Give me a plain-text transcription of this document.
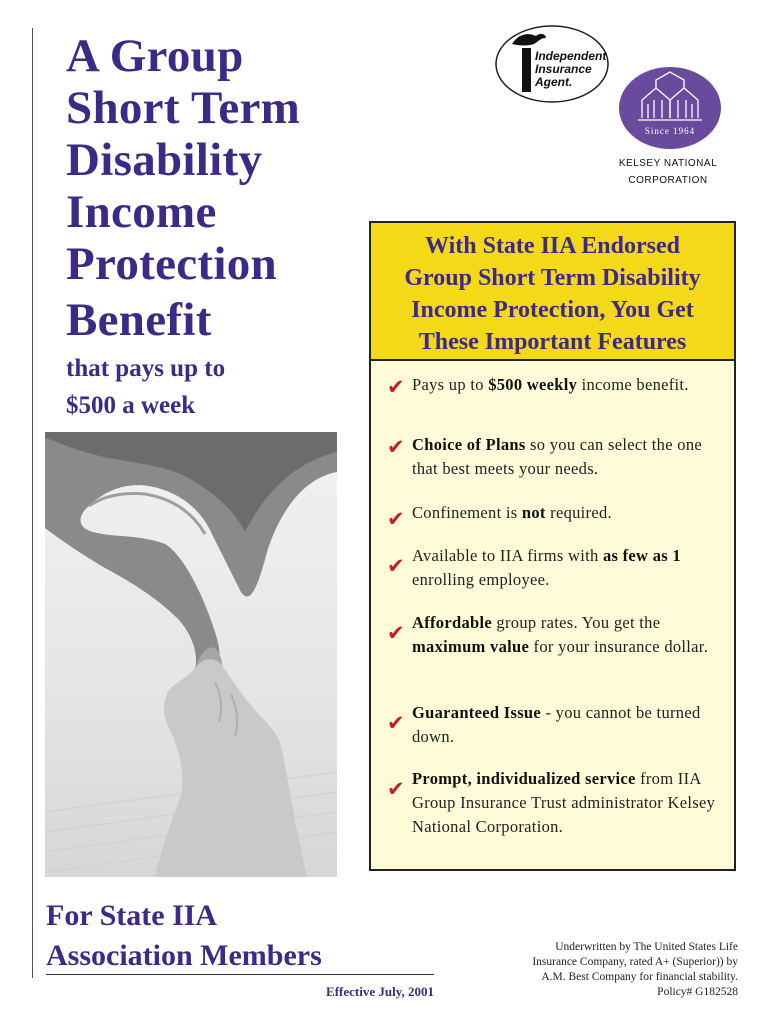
A Group
Short Term
Disability
Income
Protection
Benefit
that pays up to
$500 a week
For State IIA
Association Members
Effective July, 2001
Independent
Insurance
Agent.
Since 1964
KELSEY NATIONAL
CORPORATION
With State IIA Endorsed
Group Short Term Disability
Income Protection, You Get
These Important Features
✔ Pays up to $500 weekly income benefit.
✔ Choice of Plans so you can select the one that best meets your needs.
✔ Confinement is not required.
✔ Available to IIA firms with as few as 1 enrolling employee.
✔ Affordable group rates. You get the maximum value for your insurance dollar.
✔ Guaranteed Issue - you cannot be turned down.
✔ Prompt, individualized service from IIA Group Insurance Trust administrator Kelsey National Corporation.
Underwritten by The United States Life
Insurance Company, rated A+ (Superior)) by
A.M. Best Company for financial stability.
Policy# G182528
